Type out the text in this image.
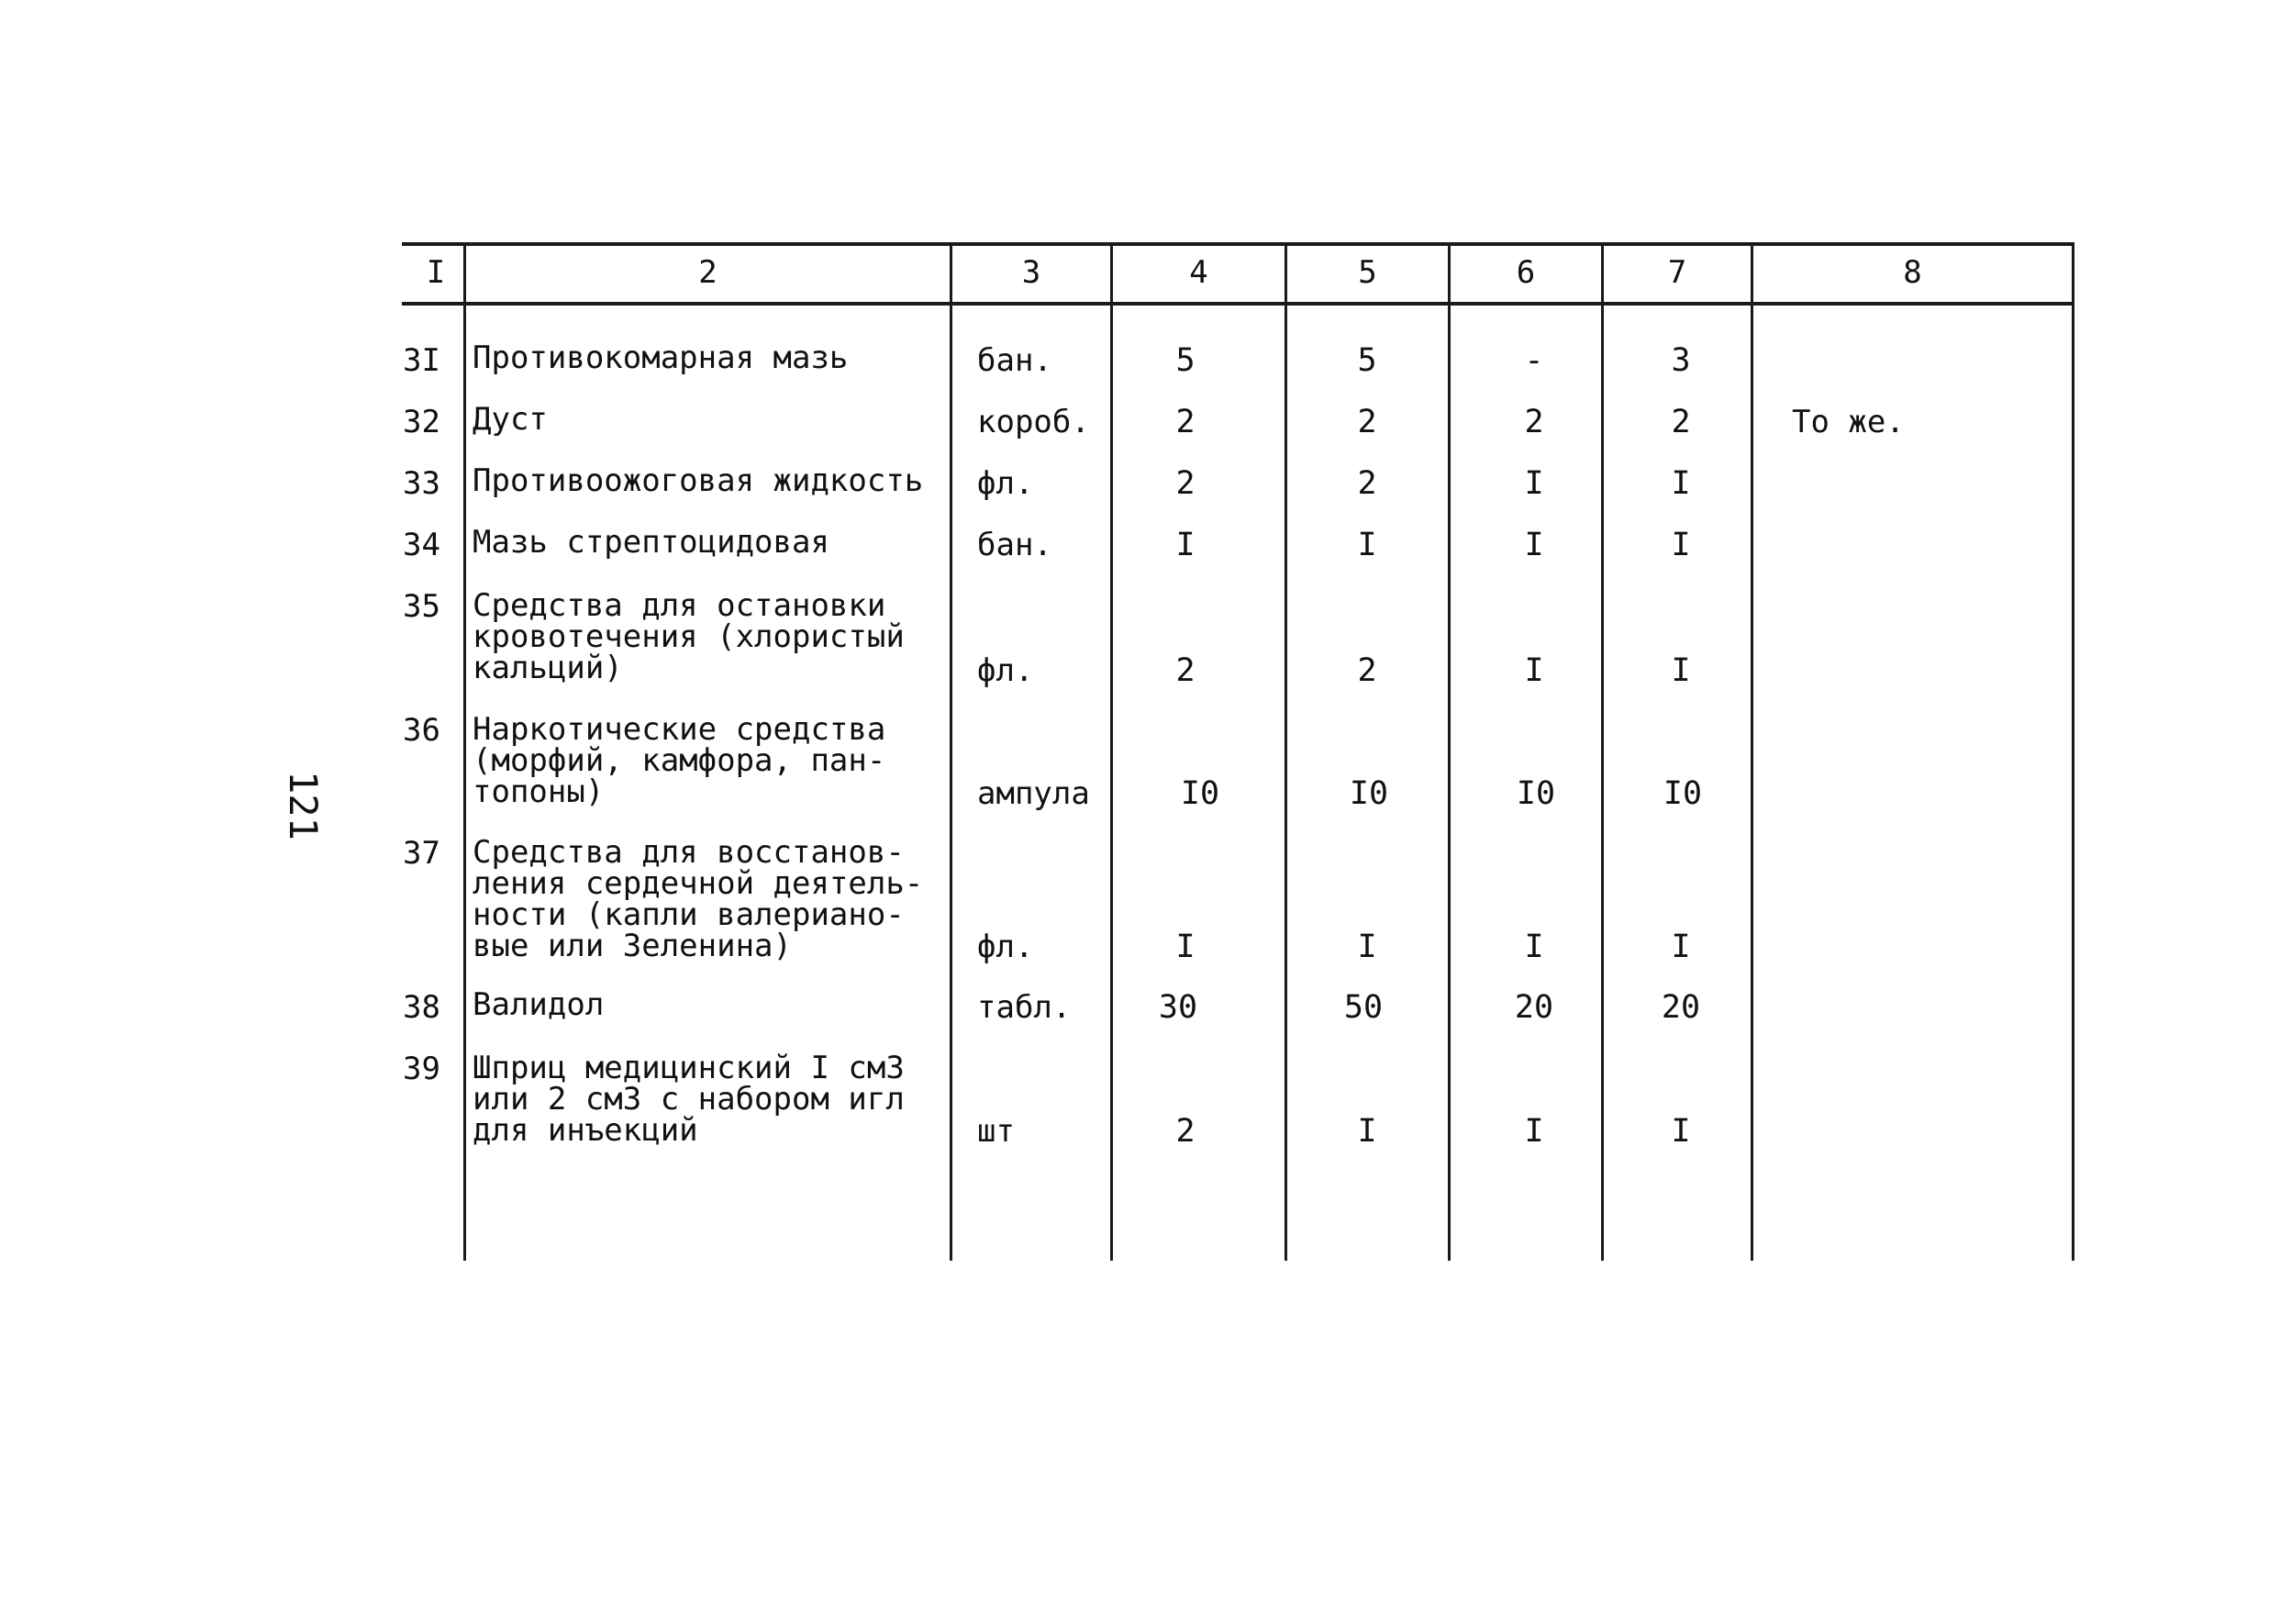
121
I	2	3	4	5	6	7	8
3I Противокомарная мазь	бан.	5	5	-	3
32 Дуст	короб.	2	2	2	2	То же.
33 Противоожоговая жидкость фл.	2	2	I	I
34 Мазь стрептоцидовая	бан.	I	I	I	I
35 Средства для остановки
кровотечения (хлористый
кальций)	фл.	2	2	I	I
36 Наркотические средства
(морфий, камфора, пан-
топоны)	ампула	I0	I0	I0	I0
37 Средства для восстанов-
ления сердечной деятель-
ности (капли валериано-
вые или Зеленина)	фл.	I	I	I	I
38 Валидол	табл.	30	50	20	20
39 Шприц медицинский I см3
или 2 см3 с набором игл
для инъекций	шт	2	I	I	I
